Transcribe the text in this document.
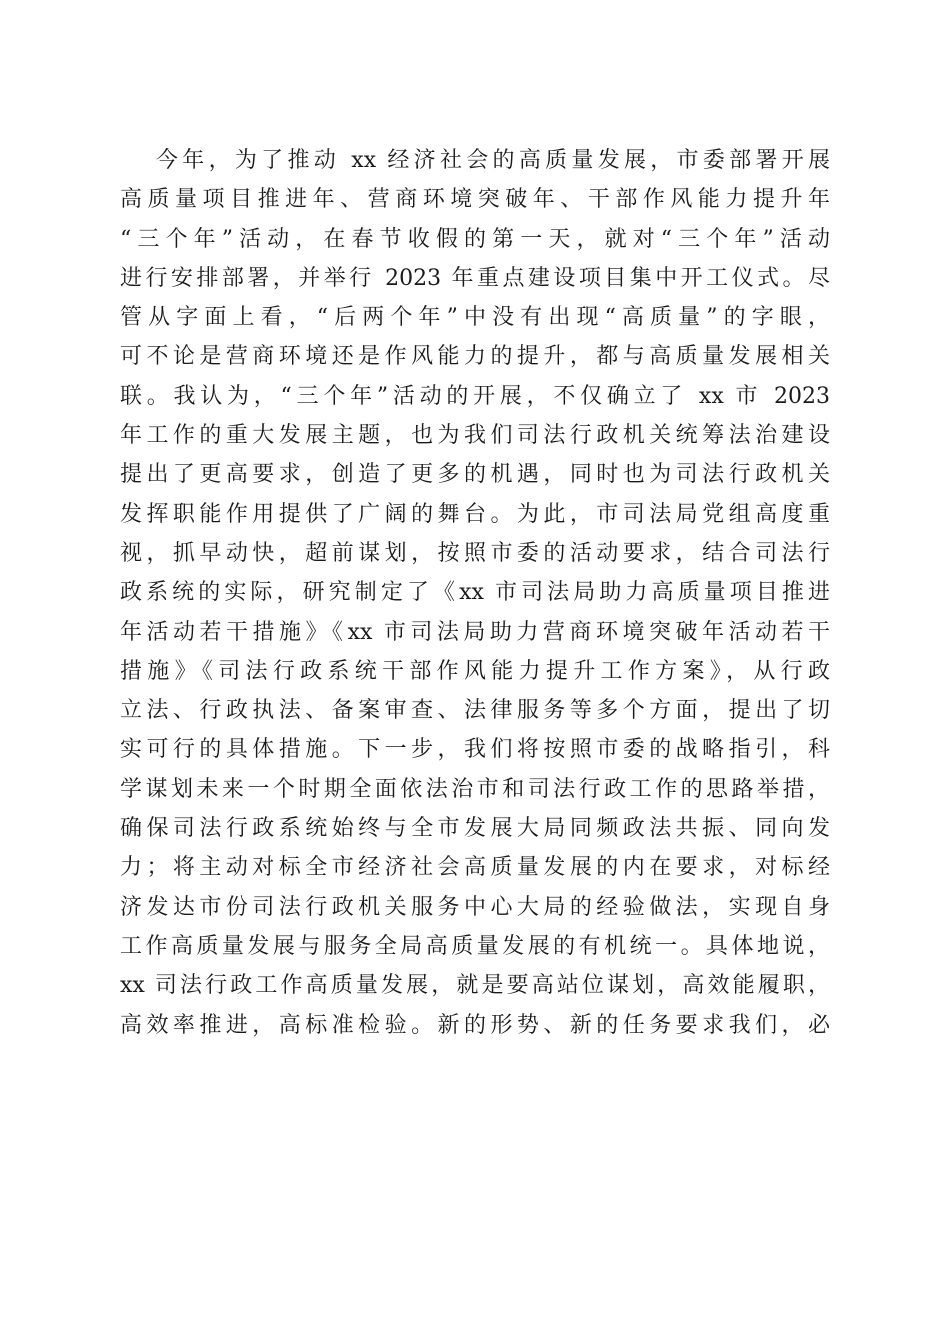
今年，为了推动 xx 经济社会的高质量发展，市委部署开展
高质量项目推进年、营商环境突破年、干部作风能力提升年
“三个年”活动，在春节收假的第一天，就对“三个年”活动
进行安排部署，并举行 2023 年重点建设项目集中开工仪式。尽
管从字面上看，“后两个年”中没有出现“高质量”的字眼，
可不论是营商环境还是作风能力的提升，都与高质量发展相关
联。我认为，“三个年”活动的开展，不仅确立了 xx 市 2023
年工作的重大发展主题，也为我们司法行政机关统筹法治建设
提出了更高要求，创造了更多的机遇，同时也为司法行政机关
发挥职能作用提供了广阔的舞台。为此，市司法局党组高度重
视，抓早动快，超前谋划，按照市委的活动要求，结合司法行
政系统的实际，研究制定了《xx 市司法局助力高质量项目推进
年活动若干措施》《xx 市司法局助力营商环境突破年活动若干
措施》《司法行政系统干部作风能力提升工作方案》，从行政
立法、行政执法、备案审查、法律服务等多个方面，提出了切
实可行的具体措施。下一步，我们将按照市委的战略指引，科
学谋划未来一个时期全面依法治市和司法行政工作的思路举措，
确保司法行政系统始终与全市发展大局同频政法共振、同向发
力；将主动对标全市经济社会高质量发展的内在要求，对标经
济发达市份司法行政机关服务中心大局的经验做法，实现自身
工作高质量发展与服务全局高质量发展的有机统一。具体地说，
xx 司法行政工作高质量发展，就是要高站位谋划，高效能履职，
高效率推进，高标准检验。新的形势、新的任务要求我们，必
